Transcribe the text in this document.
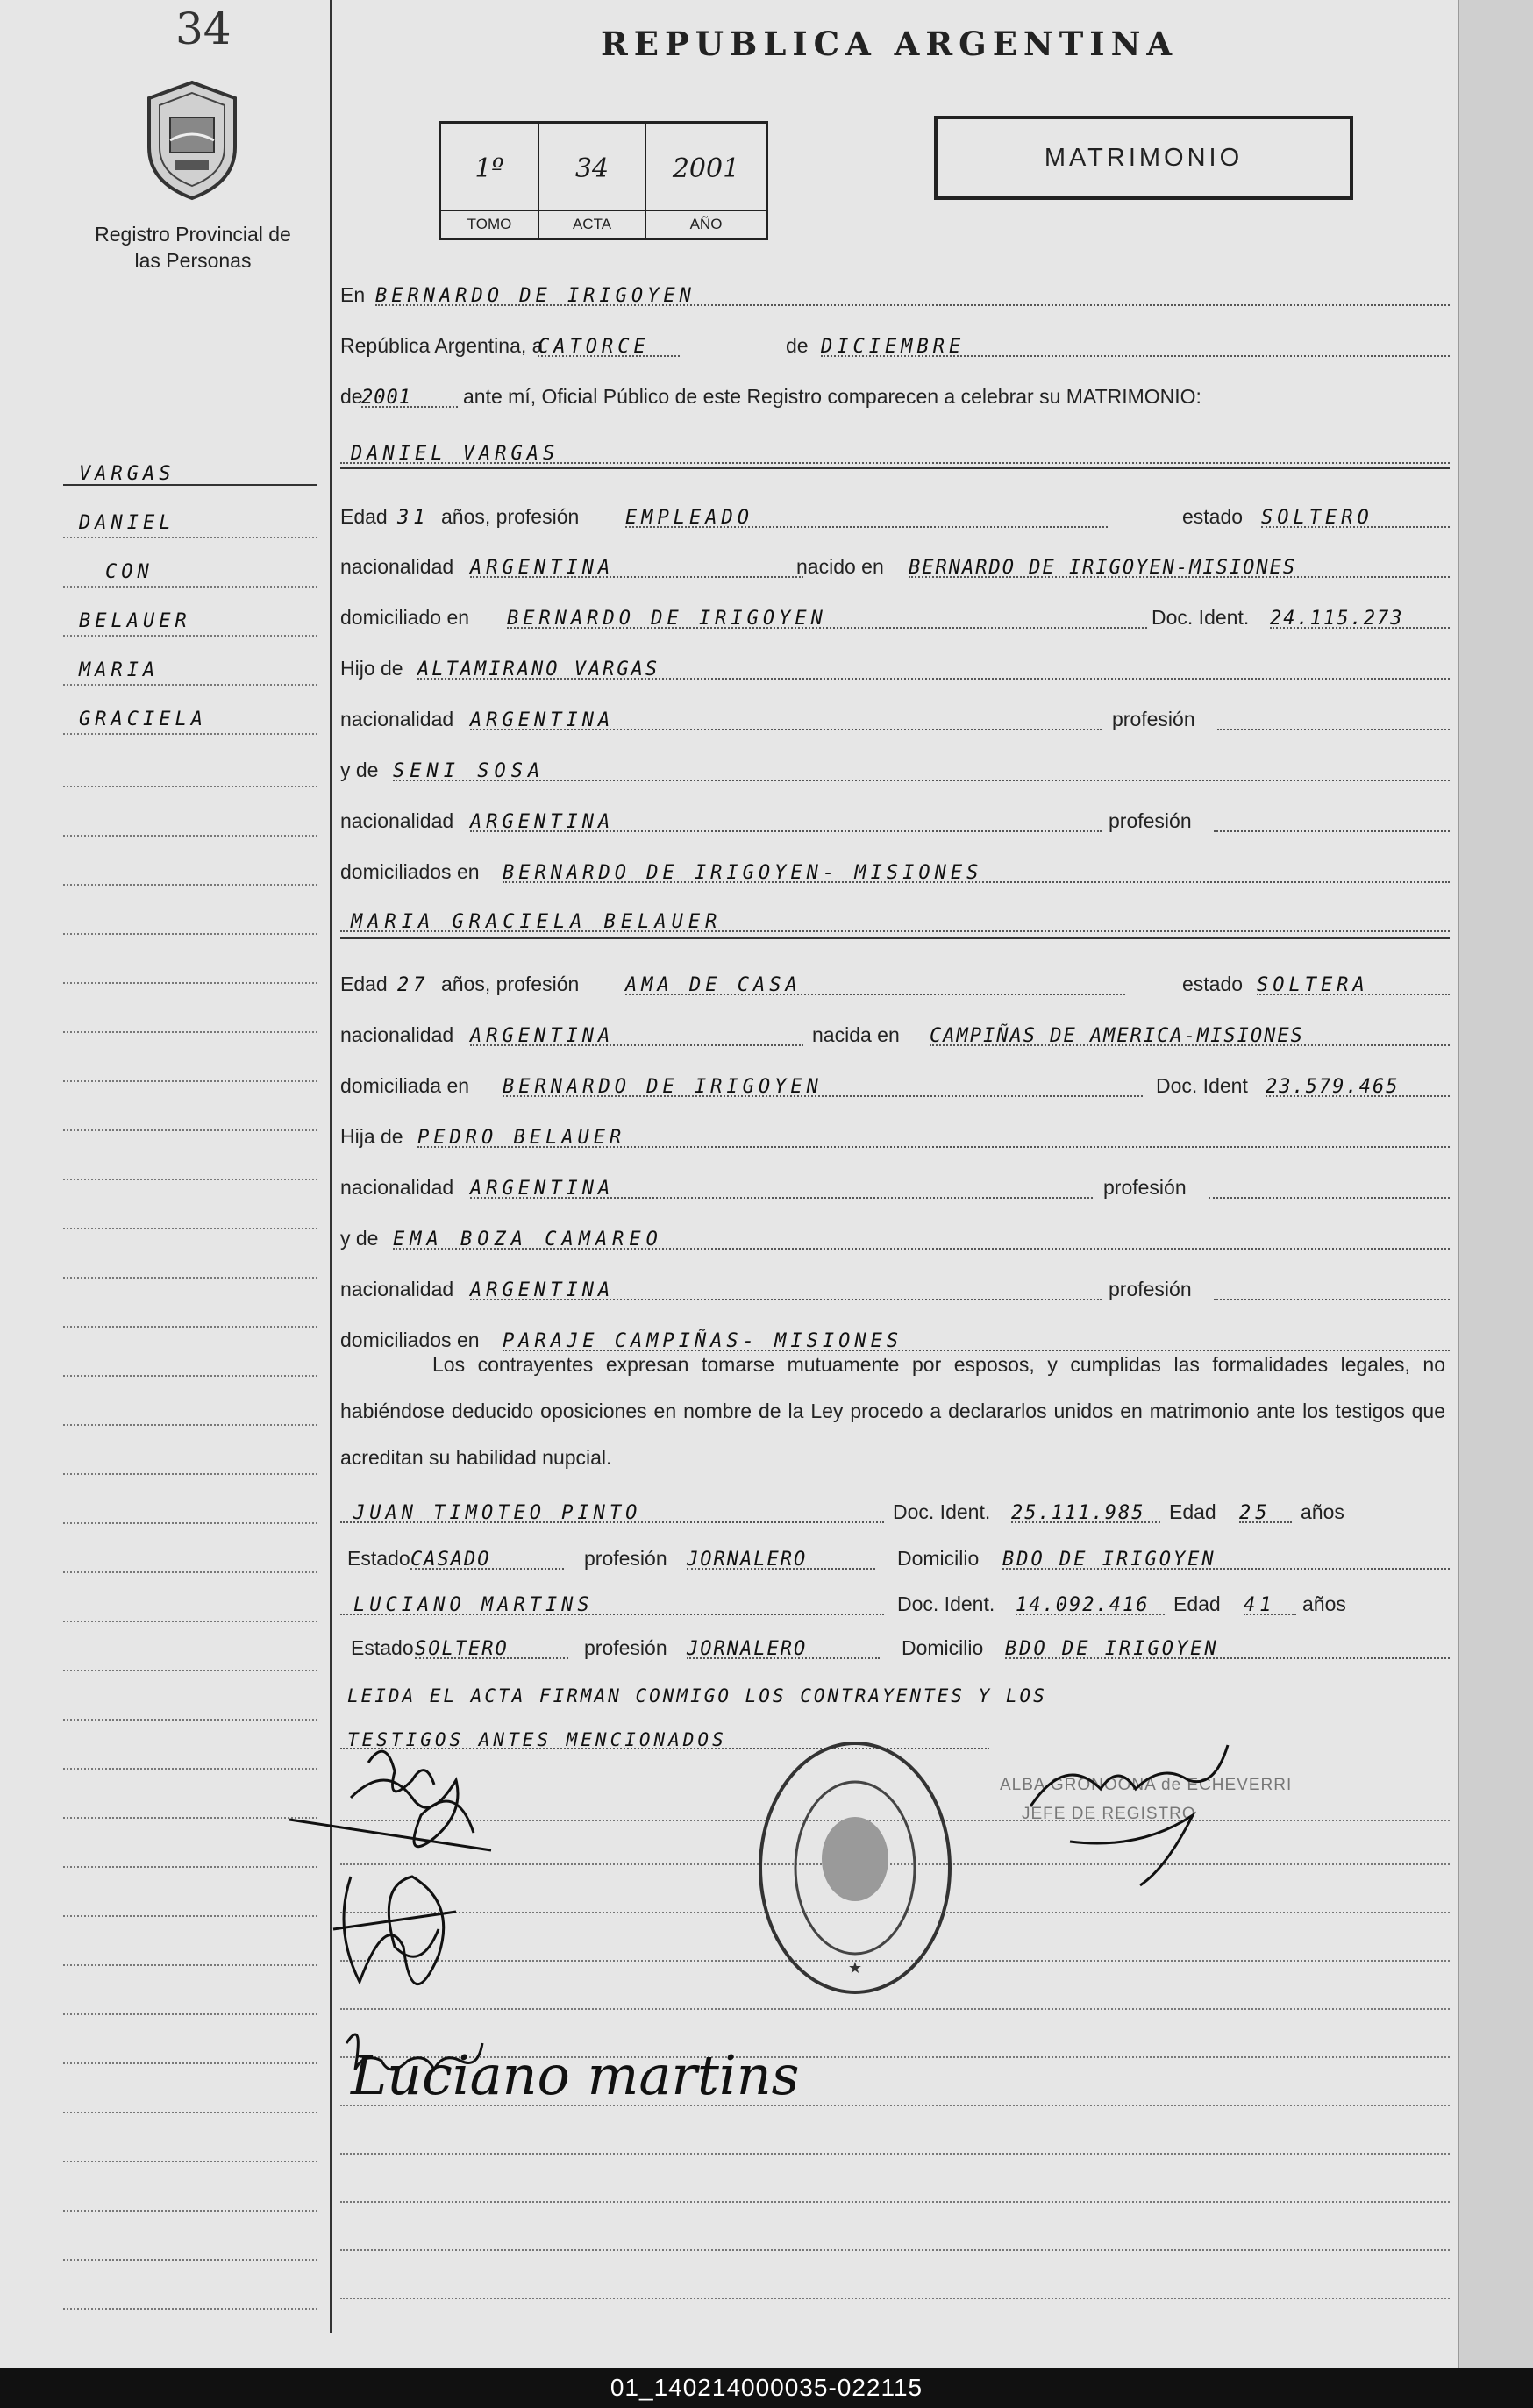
34
Registro Provincial de las Personas
REPUBLICA ARGENTINA
1º
TOMO
34
ACTA
2001
AÑO
MATRIMONIO
VARGAS
DANIEL
CON
BELAUER
MARIA
GRACIELA
En BERNARDO DE IRIGOYEN
República Argentina, a
CATORCE	de DICIEMBRE
de
2001	ante mí, Oficial Público de este Registro comparecen a celebrar su MATRIMONIO:
DANIEL VARGAS
Edad 31 años, profesión EMPLEADO	estado SOLTERO
nacionalidad ARGENTINA	nacido en BERNARDO DE IRIGOYEN-MISIONES
domiciliado en BERNARDO DE IRIGOYEN	Doc. Ident. 24.115.273
Hijo de ALTAMIRANO VARGAS
nacionalidad ARGENTINA	profesión
y de SENI SOSA
nacionalidad ARGENTINA	profesión
domiciliados en BERNARDO DE IRIGOYEN- MISIONES
MARIA GRACIELA BELAUER
Edad 27 años, profesión AMA DE CASA	estado SOLTERA
nacionalidad ARGENTINA	nacida en CAMPIÑAS DE AMERICA-MISIONES
domiciliada en BERNARDO DE IRIGOYEN	Doc. Ident 23.579.465
Hija de PEDRO BELAUER
nacionalidad ARGENTINA	profesión
y de EMA BOZA CAMAREO
nacionalidad ARGENTINA	profesión
domiciliados en PARAJE CAMPIÑAS- MISIONES
Los contrayentes expresan tomarse mutuamente por esposos, y cumplidas las formalidades legales, no habiéndose deducido oposiciones en nombre de la Ley procedo a declararlos unidos en matrimonio ante los testigos que acreditan su habilidad nupcial.
JUAN TIMOTEO PINTO	Doc. Ident. 25.111.985 Edad 25 años
Estado CASADO	profesión JORNALERO	Domicilio BDO DE IRIGOYEN
LUCIANO MARTINS	Doc. Ident. 14.092.416 Edad 41 años
Estado SOLTERO	profesión JORNALERO	Domicilio BDO DE IRIGOYEN
LEIDA EL ACTA FIRMAN CONMIGO LOS CONTRAYENTES Y LOS
TESTIGOS ANTES MENCIONADOS
★
ALBA GRONOONA de ECHEVERRI
JEFE DE REGISTRO
Luciano martins
01_140214000035-022115
